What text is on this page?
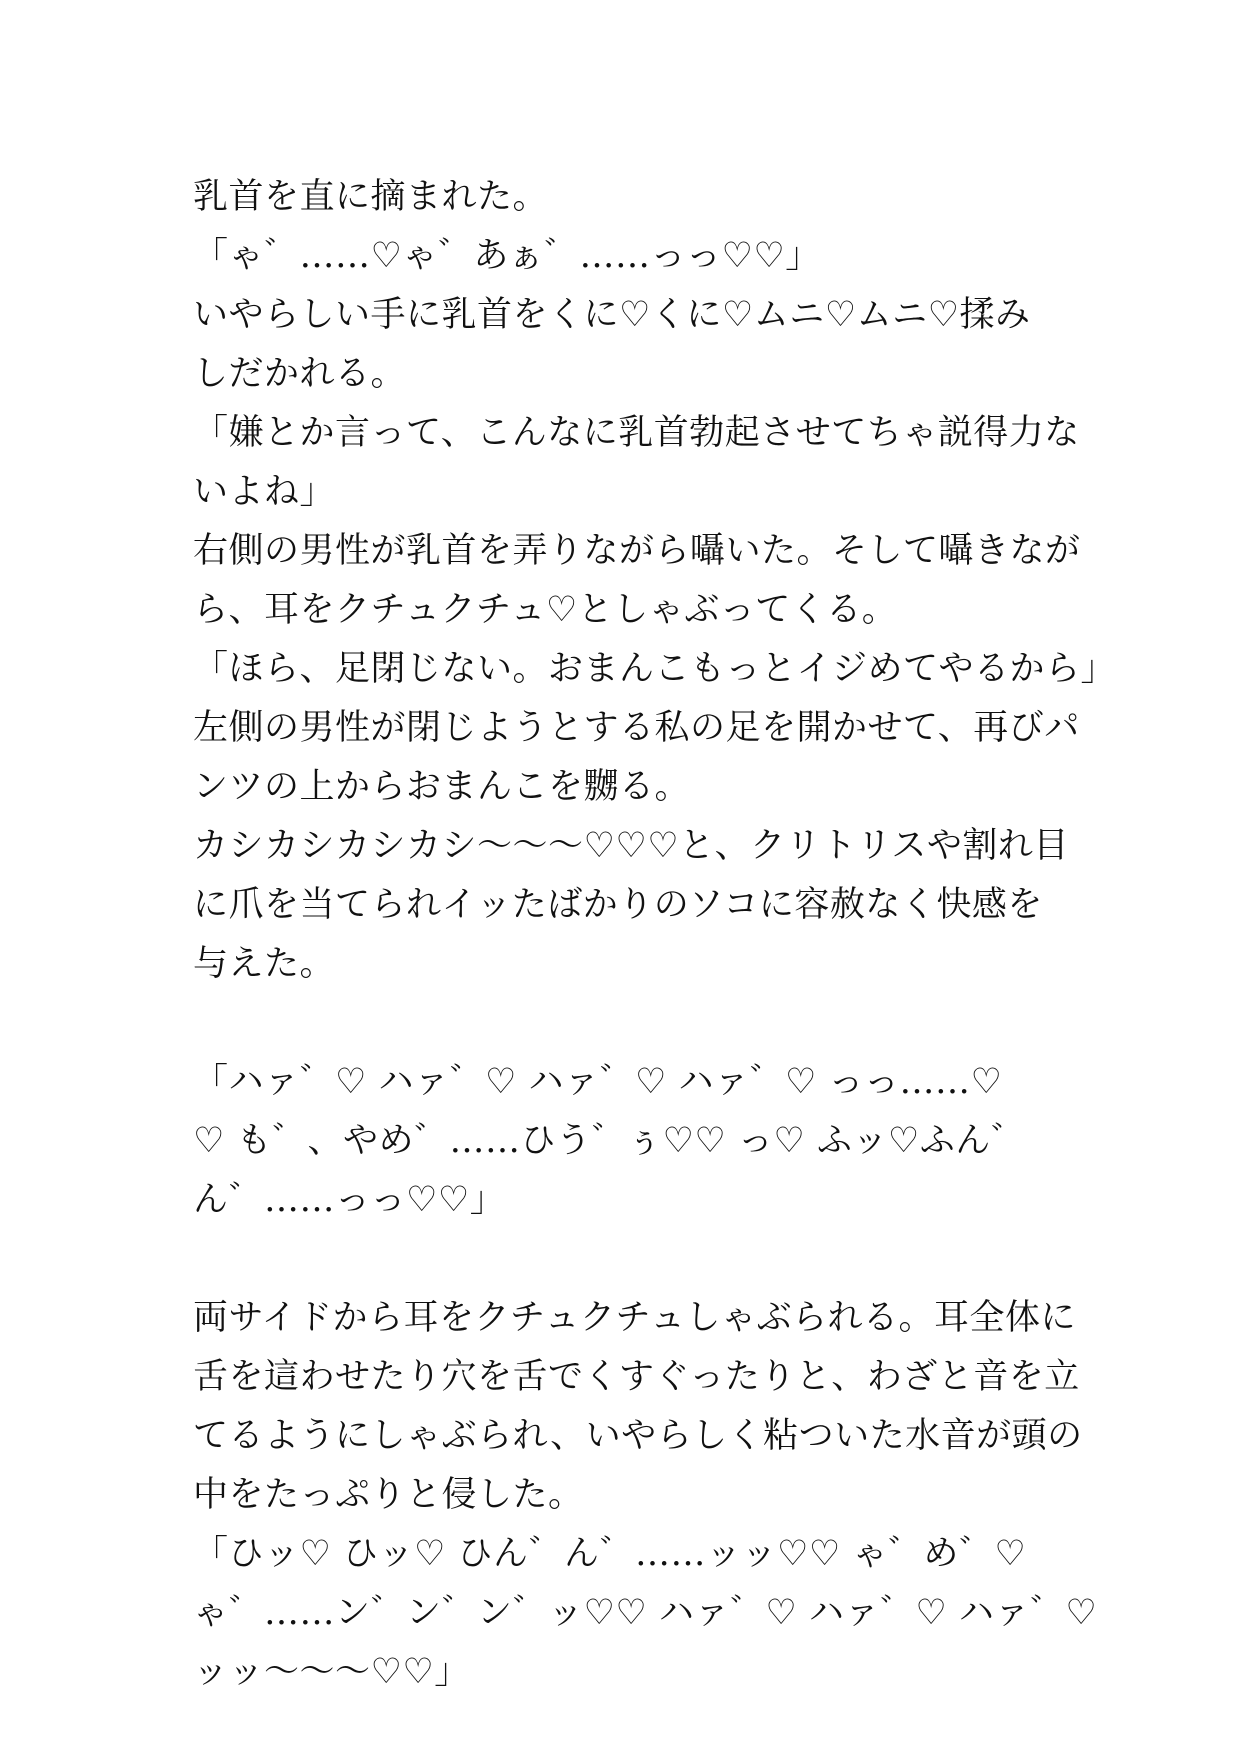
乳首を直に摘まれた。
「ゃ゛……♡ゃ゛あぁ゛……っっ♡♡」
いやらしい手に乳首をくに♡くに♡ムニ♡ムニ♡揉み
しだかれる。
「嫌とか言って、こんなに乳首勃起させてちゃ説得力な
いよね」
右側の男性が乳首を弄りながら囁いた。そして囁きなが
ら、耳をクチュクチュ♡としゃぶってくる。
「ほら、足閉じない。おまんこもっとイジめてやるから」
左側の男性が閉じようとする私の足を開かせて、再びパ
ンツの上からおまんこを嬲る。
カシカシカシカシ〜〜〜♡♡♡と、クリトリスや割れ目
に爪を当てられイッたばかりのソコに容赦なく快感を
与えた。
「ハァ゛♡ ハァ゛♡ ハァ゛♡ ハァ゛♡ っっ……♡
♡ も゛、やめ゛……ひう゛ぅ♡♡ っ♡ ふッ♡ふん゛
ん゛……っっ♡♡」
両サイドから耳をクチュクチュしゃぶられる。耳全体に
舌を這わせたり穴を舌でくすぐったりと、わざと音を立
てるようにしゃぶられ、いやらしく粘ついた水音が頭の
中をたっぷりと侵した。
「ひッ♡ ひッ♡ ひん゛ん゛……ッッ♡♡ ゃ゛め゛♡
ゃ゛……ン゛ン゛ン゛ッ♡♡ ハァ゛♡ ハァ゛♡ ハァ゛♡
ッッ〜〜〜♡♡」
